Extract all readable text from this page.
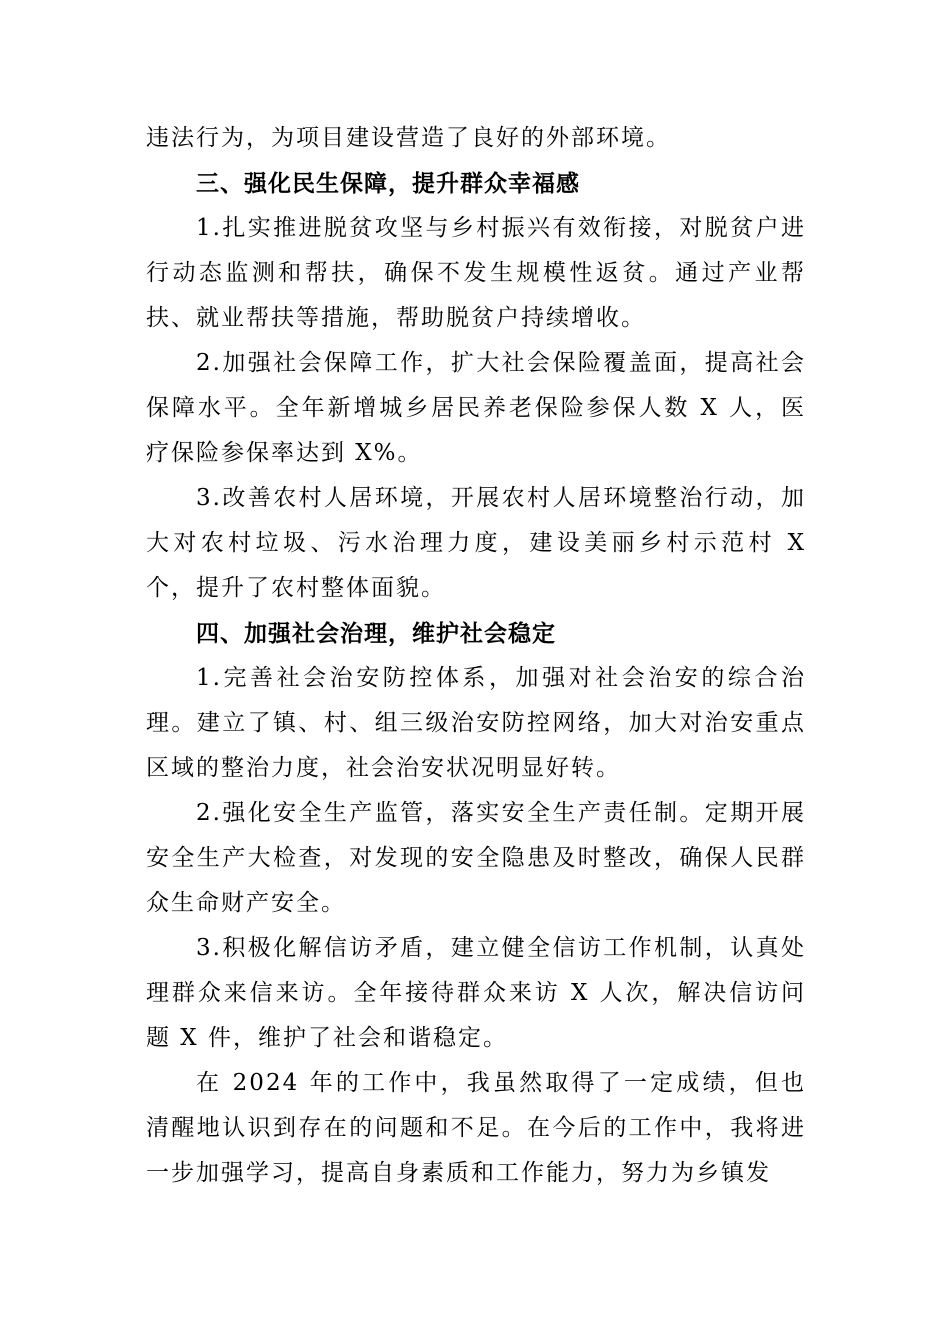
违法行为，为项目建设营造了良好的外部环境。

三、强化民生保障，提升群众幸福感

1.扎实推进脱贫攻坚与乡村振兴有效衔接，对脱贫户进行动态监测和帮扶，确保不发生规模性返贫。通过产业帮扶、就业帮扶等措施，帮助脱贫户持续增收。

2.加强社会保障工作，扩大社会保险覆盖面，提高社会保障水平。全年新增城乡居民养老保险参保人数 X 人，医疗保险参保率达到 X%。

3.改善农村人居环境，开展农村人居环境整治行动，加大对农村垃圾、污水治理力度，建设美丽乡村示范村 X 个，提升了农村整体面貌。

四、加强社会治理，维护社会稳定

1.完善社会治安防控体系，加强对社会治安的综合治理。建立了镇、村、组三级治安防控网络，加大对治安重点区域的整治力度，社会治安状况明显好转。

2.强化安全生产监管，落实安全生产责任制。定期开展安全生产大检查，对发现的安全隐患及时整改，确保人民群众生命财产安全。

3.积极化解信访矛盾，建立健全信访工作机制，认真处理群众来信来访。全年接待群众来访 X 人次，解决信访问题 X 件，维护了社会和谐稳定。

在 2024 年的工作中，我虽然取得了一定成绩，但也清醒地认识到存在的问题和不足。在今后的工作中，我将进一步加强学习，提高自身素质和工作能力，努力为乡镇发
